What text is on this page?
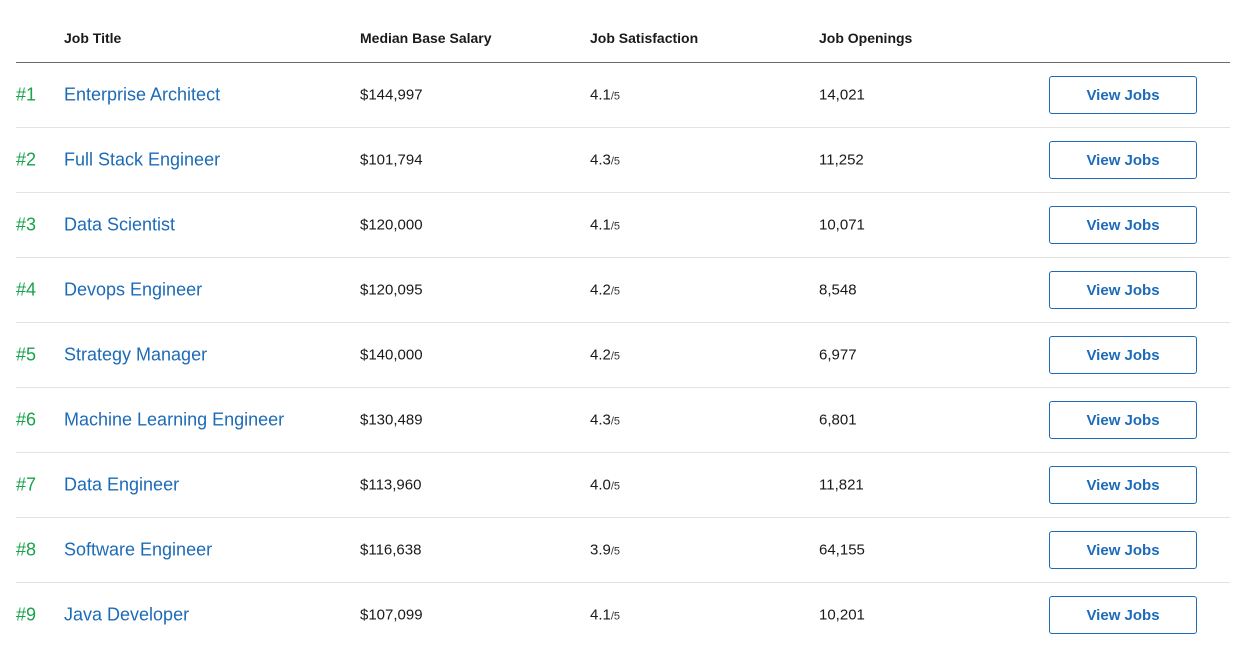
Job Title	Median Base Salary	Job Satisfaction	Job Openings
#1 Enterprise Architect	$144,997	4.1/5	14,021	View Jobs
#2 Full Stack Engineer	$101,794	4.3/5	11,252	View Jobs
#3 Data Scientist	$120,000	4.1/5	10,071	View Jobs
#4 Devops Engineer	$120,095	4.2/5	8,548	View Jobs
#5 Strategy Manager	$140,000	4.2/5	6,977	View Jobs
#6 Machine Learning Engineer	$130,489	4.3/5	6,801	View Jobs
#7 Data Engineer	$113,960	4.0/5	11,821	View Jobs
#8 Software Engineer	$116,638	3.9/5	64,155	View Jobs
#9 Java Developer	$107,099	4.1/5	10,201	View Jobs
